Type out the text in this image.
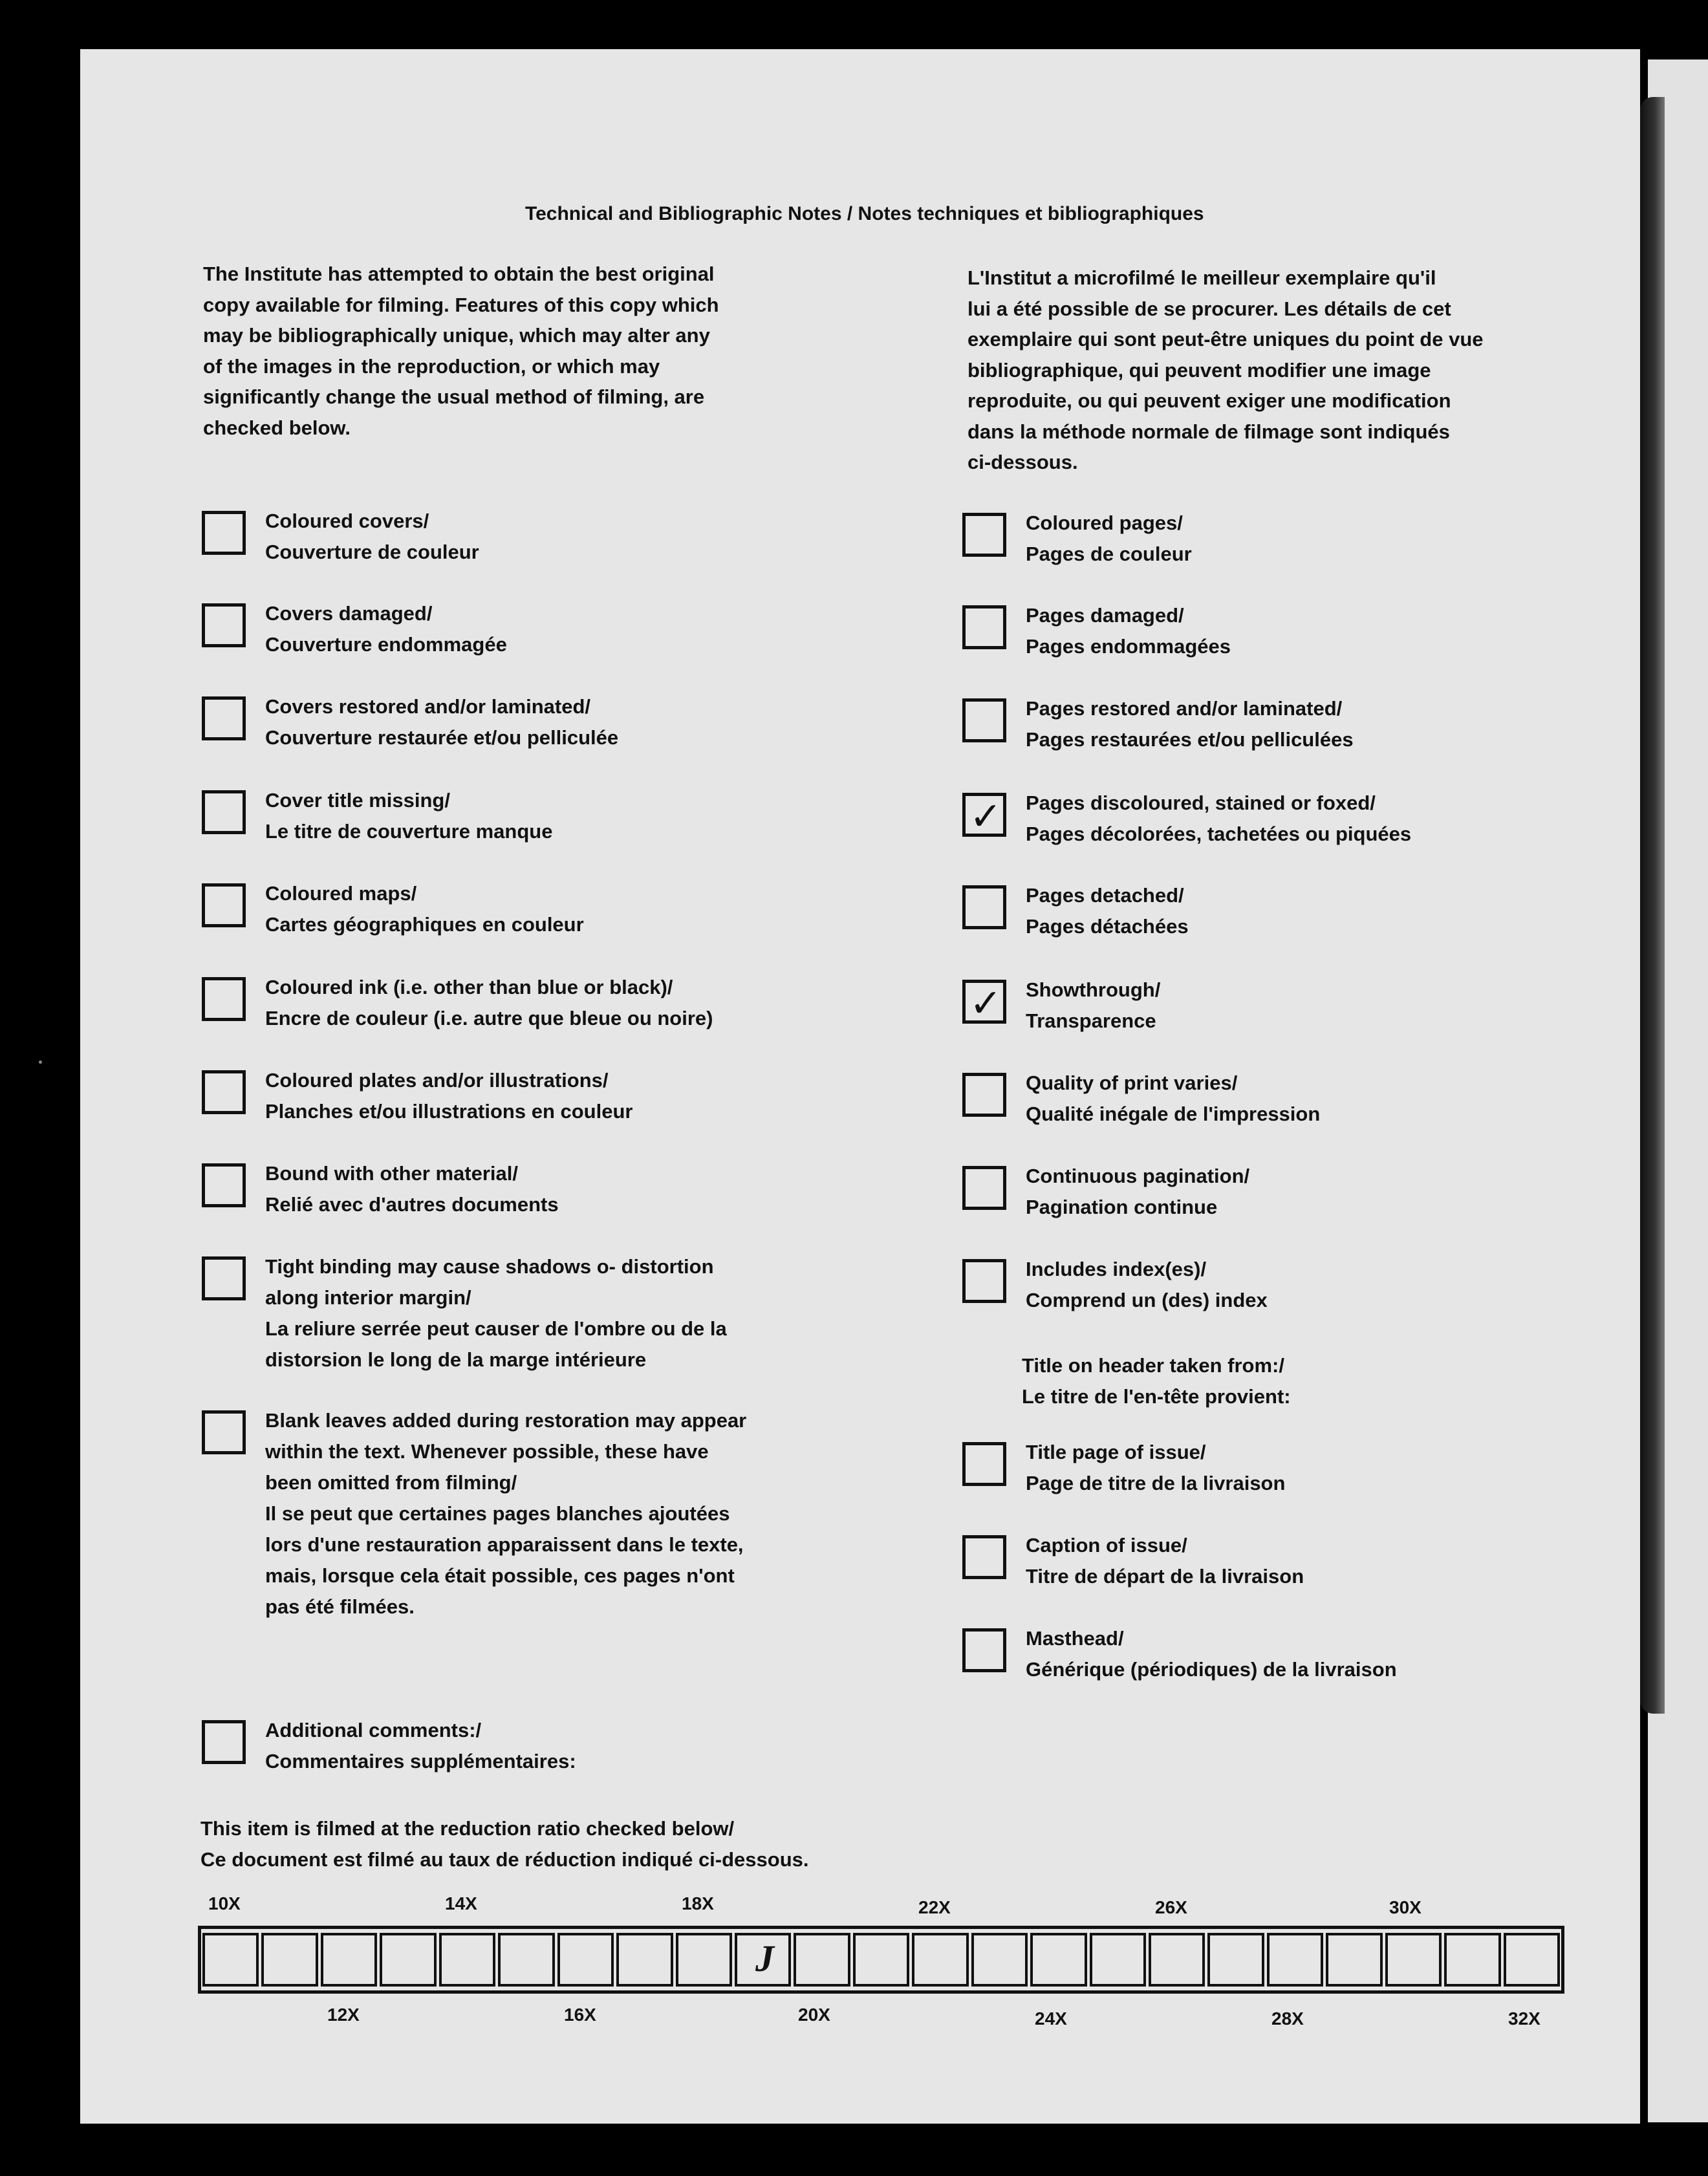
Technical and Bibliographic Notes / Notes techniques et bibliographiques
The Institute has attempted to obtain the best original
copy available for filming. Features of this copy which
may be bibliographically unique, which may alter any
of the images in the reproduction, or which may
significantly change the usual method of filming, are
checked below.
L'Institut a microfilmé le meilleur exemplaire qu'il
lui a été possible de se procurer. Les détails de cet
exemplaire qui sont peut-être uniques du point de vue
bibliographique, qui peuvent modifier une image
reproduite, ou qui peuvent exiger une modification
dans la méthode normale de filmage sont indiqués
ci-dessous.
Coloured covers/
Couverture de couleur
Covers damaged/
Couverture endommagée
Covers restored and/or laminated/
Couverture restaurée et/ou pelliculée
Cover title missing/
Le titre de couverture manque
Coloured maps/
Cartes géographiques en couleur
Coloured ink (i.e. other than blue or black)/
Encre de couleur (i.e. autre que bleue ou noire)
Coloured plates and/or illustrations/
Planches et/ou illustrations en couleur
Bound with other material/
Relié avec d'autres documents
Tight binding may cause shadows o- distortion
along interior margin/
La reliure serrée peut causer de l'ombre ou de la
distorsion le long de la marge intérieure
Blank leaves added during restoration may appear
within the text. Whenever possible, these have
been omitted from filming/
Il se peut que certaines pages blanches ajoutées
lors d'une restauration apparaissent dans le texte,
mais, lorsque cela était possible, ces pages n'ont
pas été filmées.
Additional comments:/
Commentaires supplémentaires:
Coloured pages/
Pages de couleur
Pages damaged/
Pages endommagées
Pages restored and/or laminated/
Pages restaurées et/ou pelliculées
✓ Pages discoloured, stained or foxed/
Pages décolorées, tachetées ou piquées
Pages detached/
Pages détachées
✓ Showthrough/
Transparence
Quality of print varies/
Qualité inégale de l'impression
Continuous pagination/
Pagination continue
Includes index(es)/
Comprend un (des) index
Title page of issue/
Page de titre de la livraison
Caption of issue/
Titre de départ de la livraison
Masthead/
Générique (périodiques) de la livraison
Title on header taken from:/
Le titre de l'en-tête provient:
This item is filmed at the reduction ratio checked below/
Ce document est filmé au taux de réduction indiqué ci-dessous.
10X	14X	18X	22X	26X	30X
J
12X	16X	20X	24X	28X	32X
